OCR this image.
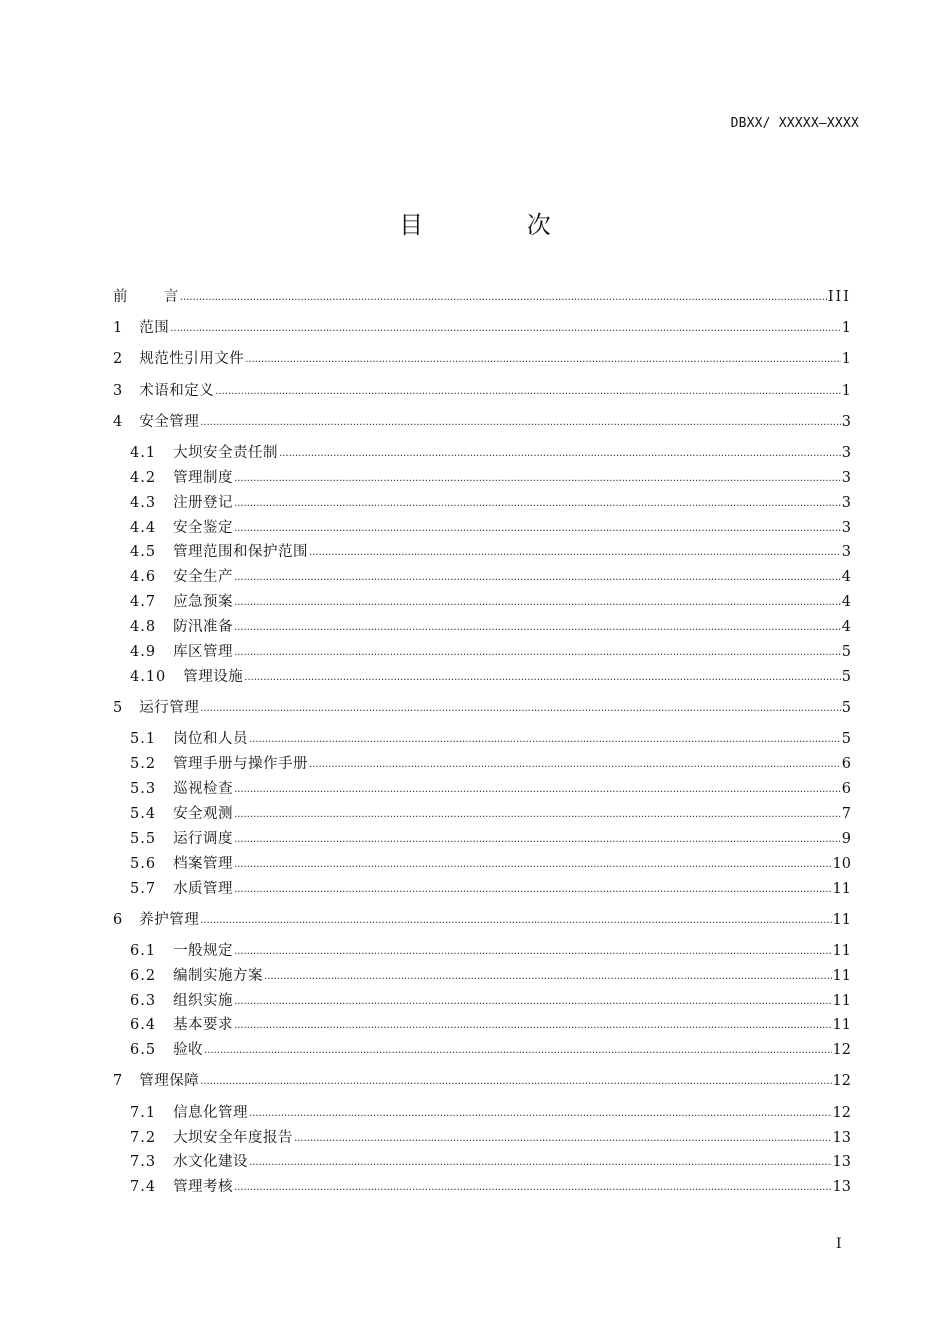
DBXX/ XXXXX—XXXX
目 次
前       言 .....	III
1 范围 .....	1
2 规范性引用文件 .....	1
3 术语和定义 .....	1
4 安全管理 .....	3
4.1 大坝安全责任制 .....	3
4.2 管理制度 .....	3
4.3 注册登记 .....	3
4.4 安全鉴定 .....	3
4.5 管理范围和保护范围 .....	3
4.6 安全生产 .....	4
4.7 应急预案 .....	4
4.8 防汛准备 .....	4
4.9 库区管理 .....	5
4.10 管理设施 .....	5
5 运行管理 .....	5
5.1 岗位和人员 .....	5
5.2 管理手册与操作手册 .....	6
5.3 巡视检查 .....	6
5.4 安全观测 .....	7
5.5 运行调度 .....	9
5.6 档案管理 .....	10
5.7 水质管理 .....	11
6 养护管理 .....	11
6.1 一般规定 .....	11
6.2 编制实施方案 .....	11
6.3 组织实施 .....	11
6.4 基本要求 .....	11
6.5 验收 .....	12
7 管理保障 .....	12
7.1 信息化管理 .....	12
7.2 大坝安全年度报告 .....	13
7.3 水文化建设 .....	13
7.4 管理考核 .....	13
I
